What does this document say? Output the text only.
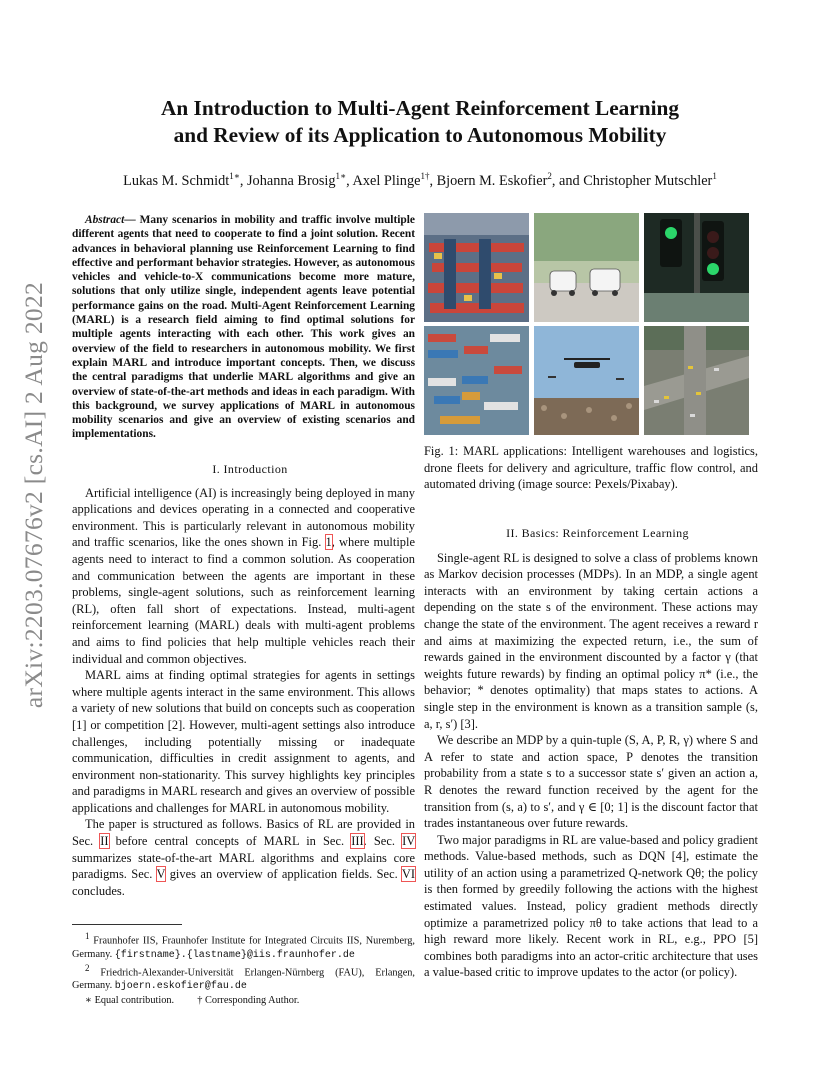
arXiv:2203.07676v2 [cs.AI] 2 Aug 2022
An Introduction to Multi-Agent Reinforcement Learning
and Review of its Application to Autonomous Mobility
Lukas M. Schmidt$^{1∗}$, Johanna Brosig$^{1∗}$, Axel Plinge$^{1\dagger}$, Bjoern M. Eskofier$^2$, and Christopher Mutschler$^1$

Abstract— Many scenarios in mobility and traffic involve multiple different agents that need to cooperate to find a joint solution. Recent advances in behavioral planning use Reinforcement Learning to find effective and performant behavior strategies. However, as autonomous vehicles and vehicle-to-X communications become more mature, solutions that only utilize single, independent agents leave potential performance gains on the road. Multi-Agent Reinforcement Learning (MARL) is a research field aiming to find optimal solutions for multiple agents interacting with each other. This work gives an overview of the field to researchers in autonomous mobility. We first explain MARL and introduce important concepts. Then, we discuss the central paradigms that underlie MARL algorithms and give an overview of state-of-the-art methods and ideas in each paradigm. With this background, we survey applications of MARL in autonomous mobility scenarios and give an overview of existing scenarios and implementations.

I. Introduction

Artificial intelligence (AI) is increasingly being deployed in many applications and devices operating in a connected and cooperative environment. This is particularly relevant in autonomous mobility and traffic scenarios, like the ones shown in Fig. 1, where multiple agents need to interact to find a common solution. As cooperation and communication between the agents are important in these problems, single-agent solutions, such as reinforcement learning (RL), often fall short of expectations. Instead, multi-agent reinforcement learning (MARL) deals with multi-agent problems and aims to find policies that help multiple vehicles reach their individual and common objectives.

MARL aims at finding optimal strategies for agents in settings where multiple agents interact in the same environment. This allows a variety of new solutions that build on concepts such as cooperation [1] or competition [2]. However, multi-agent settings also introduce challenges, including potentially missing or inadequate communication, difficulties in credit assignment to agents, and environment non-stationarity. This survey highlights key principles and paradigms in MARL research and gives an overview of possible applications and challenges for MARL in autonomous mobility.

The paper is structured as follows. Basics of RL are provided in Sec. II before central concepts of MARL in Sec. III. Sec. IV summarizes state-of-the-art MARL algorithms and explains core paradigms. Sec. V gives an overview of application fields. Sec. VI concludes.

$^1$ Fraunhofer IIS, Fraunhofer Institute for Integrated Circuits IIS, Nuremberg, Germany. {firstname}.{lastname}@iis.fraunhofer.de

$^2$ Friedrich-Alexander-Universität Erlangen-Nürnberg (FAU), Erlangen, Germany. bjoern.eskofier@fau.de

∗ Equal contribution. † Corresponding Author.

Fig. 1: MARL applications: Intelligent warehouses and logistics, drone fleets for delivery and agriculture, traffic flow control, and automated driving (image source: Pexels/Pixabay).

II. Basics: Reinforcement Learning

Single-agent RL is designed to solve a class of problems known as Markov decision processes (MDPs). In an MDP, a single agent interacts with an environment by taking certain actions a depending on the state s of the environment. These actions may change the state of the environment. The agent receives a reward r and aims at maximizing the expected return, i.e., the sum of rewards gained in the environment discounted by a factor γ (that weights future rewards) by finding an optimal policy π* (i.e., the behavior; * denotes optimality) that maps states to actions. A single step in the environment is known as a transition sample (s, a, r, s′) [3].

We describe an MDP by a quin-tuple (S, A, P, R, γ) where S and A refer to state and action space, P denotes the transition probability from a state s to a successor state s′ given an action a, R denotes the reward function received by the agent for the transition from (s, a) to s′, and γ ∈ [0; 1] is the discount factor that trades instantaneous over future rewards.

Two major paradigms in RL are value-based and policy gradient methods. Value-based methods, such as DQN [4], estimate the utility of an action using a parametrized Q-network Qθ; the policy is then formed by greedily following the actions with the highest estimated values. Instead, policy gradient methods directly optimize a parametrized policy πθ to take actions that lead to a high reward more likely. Recent work in RL, e.g., PPO [5] combines both paradigms into an actor-critic architecture that uses a value-based critic to improve updates to the actor (or policy).
